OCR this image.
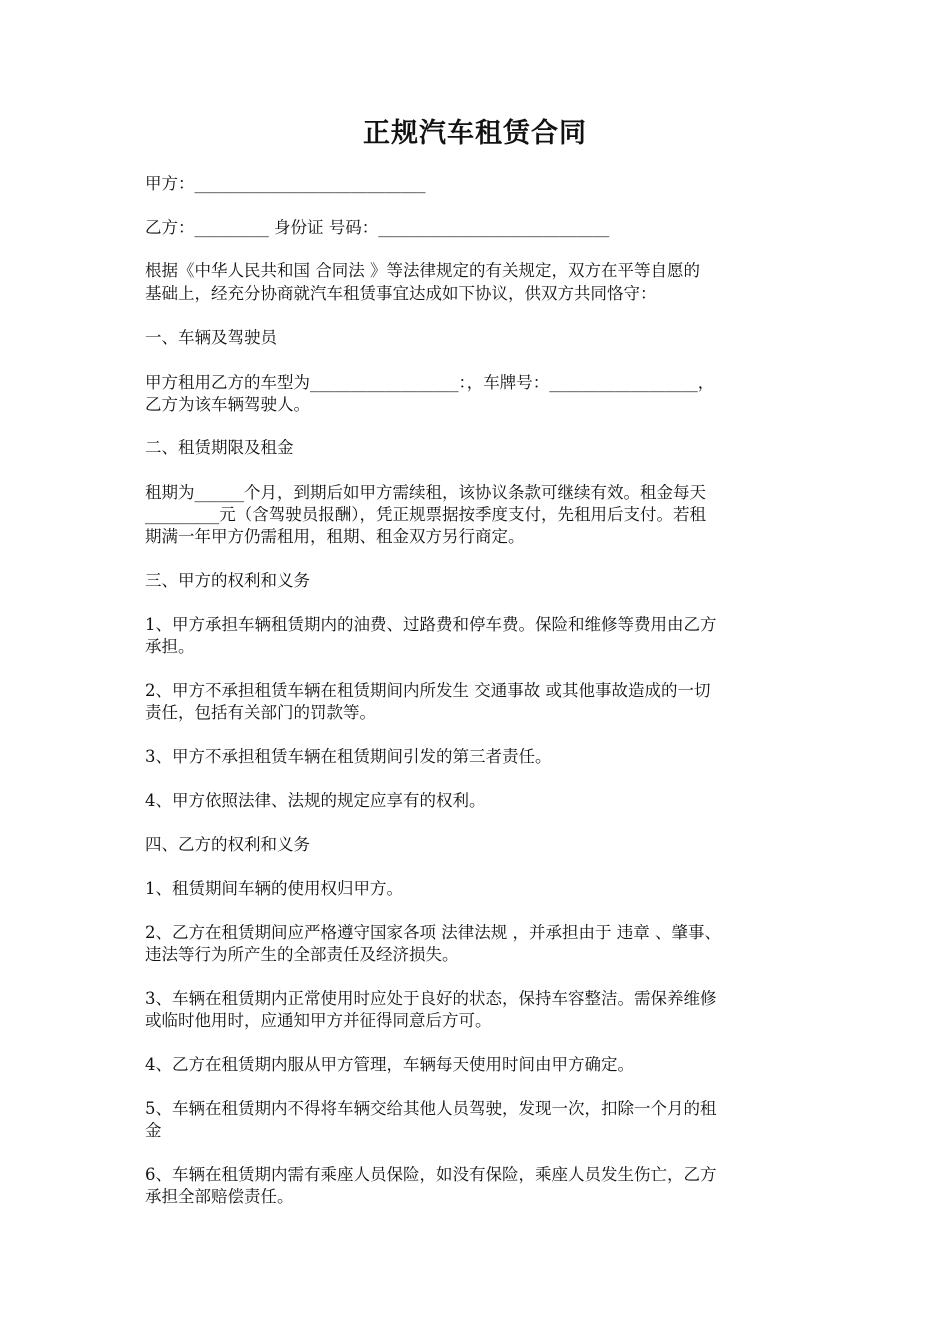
正规汽车租赁合同
甲方：____________________________
乙方：_________ 身份证 号码：____________________________
根据《中华人民共和国 合同法 》等法律规定的有关规定，双方在平等自愿的
基础上，经充分协商就汽车租赁事宜达成如下协议，供双方共同恪守：
一、车辆及驾驶员
甲方租用乙方的车型为__________________：，车牌号：__________________，
乙方为该车辆驾驶人。
二、租赁期限及租金
租期为______个月，到期后如甲方需续租，该协议条款可继续有效。租金每天
_________元（含驾驶员报酬），凭正规票据按季度支付，先租用后支付。若租
期满一年甲方仍需租用，租期、租金双方另行商定。
三、甲方的权利和义务
1、甲方承担车辆租赁期内的油费、过路费和停车费。保险和维修等费用由乙方
承担。
2、甲方不承担租赁车辆在租赁期间内所发生 交通事故 或其他事故造成的一切
责任，包括有关部门的罚款等。
3、甲方不承担租赁车辆在租赁期间引发的第三者责任。
4、甲方依照法律、法规的规定应享有的权利。
四、乙方的权利和义务
1、租赁期间车辆的使用权归甲方。
2、乙方在租赁期间应严格遵守国家各项 法律法规 ，并承担由于 违章 、肇事、
违法等行为所产生的全部责任及经济损失。
3、车辆在租赁期内正常使用时应处于良好的状态，保持车容整洁。需保养维修
或临时他用时，应通知甲方并征得同意后方可。
4、乙方在租赁期内服从甲方管理，车辆每天使用时间由甲方确定。
5、车辆在租赁期内不得将车辆交给其他人员驾驶，发现一次，扣除一个月的租
金
6、车辆在租赁期内需有乘座人员保险，如没有保险，乘座人员发生伤亡，乙方
承担全部赔偿责任。
